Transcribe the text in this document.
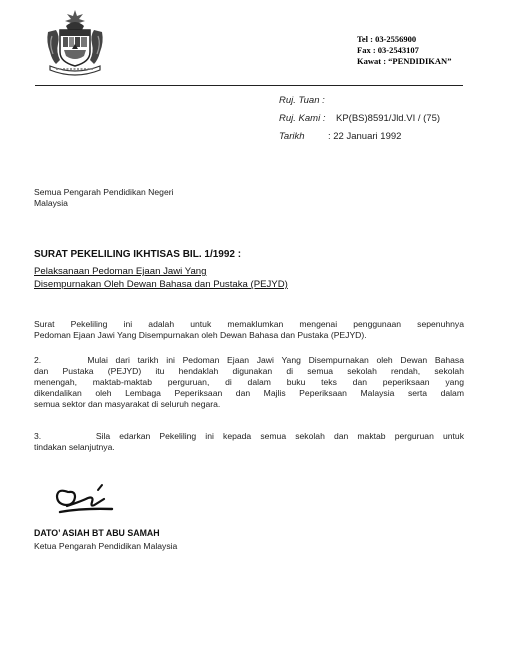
Tel : 03-2556900
Fax : 03-2543107
Kawat : “PENDIDIKAN”
Ruj. Tuan :
Ruj. Kami : KP(BS)8591/Jld.VI / (75)
Tarikh : 22 Januari 1992
Semua Pengarah Pendidikan Negeri
Malaysia
SURAT PEKELILING IKHTISAS BIL. 1/1992 :
Pelaksanaan Pedoman Ejaan Jawi Yang
Disempurnakan Oleh Dewan Bahasa dan Pustaka (PEJYD)
Surat Pekeliling ini adalah untuk memaklumkan mengenai penggunaan sepenuhnya
Pedoman Ejaan Jawi Yang Disempurnakan oleh Dewan Bahasa dan Pustaka (PEJYD).
2.      Mulai dari tarikh ini Pedoman Ejaan Jawi Yang Disempurnakan oleh Dewan Bahasa
dan Pustaka (PEJYD) itu hendaklah digunakan di semua sekolah rendah, sekolah
menengah, maktab-maktab perguruan, di dalam buku teks dan peperiksaan yang
dikendalikan oleh Lembaga Peperiksaan dan Majlis Peperiksaan Malaysia serta dalam
semua sektor dan masyarakat di seluruh negara.
3.      Sila edarkan Pekeliling ini kepada semua sekolah dan maktab perguruan untuk
tindakan selanjutnya.
DATO’ ASIAH BT ABU SAMAH
Ketua Pengarah Pendidikan Malaysia
